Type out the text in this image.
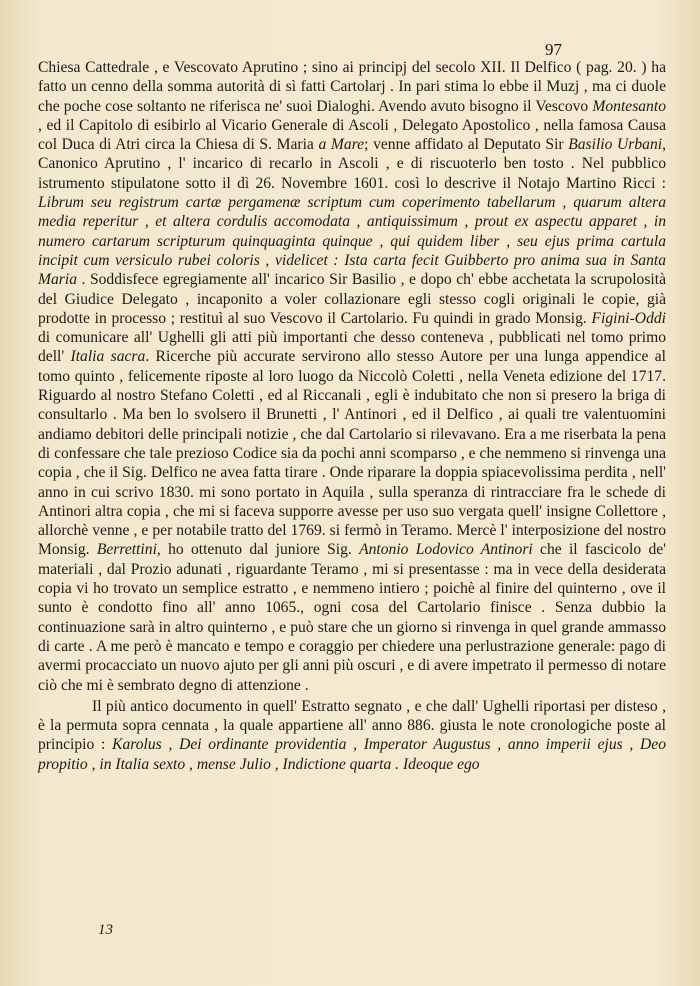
97

Chiesa Cattedrale , e Vescovato Aprutino ; sino ai principj del secolo XII. Il Delfico ( pag. 20. ) ha fatto un cenno della somma autorità di sì fatti Cartolarj . In pari stima lo ebbe il Muzj , ma ci duole che poche cose soltanto ne riferisca ne' suoi Dialoghi. Avendo avuto bisogno il Vescovo Montesanto , ed il Capitolo di esibirlo al Vicario Generale di Ascoli , Delegato Apostolico , nella famosa Causa col Duca di Atri circa la Chiesa di S. Maria a Mare; venne affidato al Deputato Sir Basilio Urbani, Canonico Aprutino , l' incarico di recarlo in Ascoli , e di riscuoterlo ben tosto . Nel pubblico istrumento stipulatone sotto il dì 26. Novembre 1601. così lo descrive il Notajo Martino Ricci : Librum seu registrum cartæ pergamenæ scriptum cum coperimento tabellarum , quarum altera media reperitur , et altera cordulis accomodata , antiquissimum , prout ex aspectu apparet , in numero cartarum scripturum quinquaginta quinque , qui quidem liber , seu ejus prima cartula incipit cum versiculo rubei coloris , videlicet : Ista carta fecit Guibberto pro anima sua in Santa Maria . Soddisfece egregiamente all' incarico Sir Basilio , e dopo ch' ebbe acchetata la scrupolosità del Giudice Delegato , incaponito a voler collazionare egli stesso cogli originali le copie, già prodotte in processo ; restituì al suo Vescovo il Cartolario. Fu quindi in grado Monsig. Figini-Oddi di comunicare all' Ughelli gli atti più importanti che desso conteneva , pubblicati nel tomo primo dell' Italia sacra. Ricerche più accurate servirono allo stesso Autore per una lunga appendice al tomo quinto , felicemente riposte al loro luogo da Niccolò Coletti , nella Veneta edizione del 1717. Riguardo al nostro Stefano Coletti , ed al Riccanali , egli è indubitato che non si presero la briga di consultarlo . Ma ben lo svolsero il Brunetti , l' Antinori , ed il Delfico , ai quali tre valentuomini andiamo debitori delle principali notizie , che dal Cartolario si rilevavano. Era a me riserbata la pena di confessare che tale prezioso Codice sia da pochi anni scomparso , e che nemmeno si rinvenga una copia , che il Sig. Delfico ne avea fatta tirare . Onde riparare la doppia spiacevolissima perdita , nell' anno in cui scrivo 1830. mi sono portato in Aquila , sulla speranza di rintracciare fra le schede di Antinori altra copia , che mi si faceva supporre avesse per uso suo vergata quell' insigne Collettore , allorchè venne , e per notabile tratto del 1769. si fermò in Teramo. Mercè l' interposizione del nostro Monsig. Berrettini, ho ottenuto dal juniore Sig. Antonio Lodovico Antinori che il fascicolo de' materiali , dal Prozio adunati , riguardante Teramo , mi si presentasse : ma in vece della desiderata copia vi ho trovato un semplice estratto , e nemmeno intiero ; poichè al finire del quinterno , ove il sunto è condotto fino all' anno 1065., ogni cosa del Cartolario finisce . Senza dubbio la continuazione sarà in altro quinterno , e può stare che un giorno si rinvenga in quel grande ammasso di carte . A me però è mancato e tempo e coraggio per chiedere una perlustrazione generale: pago di avermi procacciato un nuovo ajuto per gli anni più oscuri , e di avere impetrato il permesso di notare ciò che mi è sembrato degno di attenzione .

Il più antico documento in quell' Estratto segnato , e che dall' Ughelli riportasi per disteso , è la permuta sopra cennata , la quale appartiene all' anno 886. giusta le note cronologiche poste al principio : Karolus , Dei ordinante providentia , Imperator Augustus , anno imperii ejus , Deo propitio , in Italia sexto , mense Julio , Indictione quarta . Ideoque ego

13
